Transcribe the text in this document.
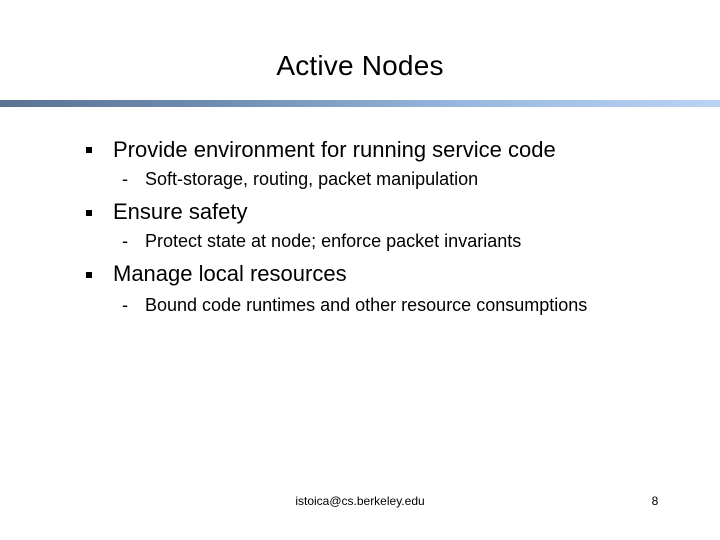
Active Nodes
Provide environment for running service code
- Soft-storage, routing, packet manipulation
Ensure safety
- Protect state at node; enforce packet invariants
Manage local resources
- Bound code runtimes and other resource consumptions
istoica@cs.berkeley.edu	8
